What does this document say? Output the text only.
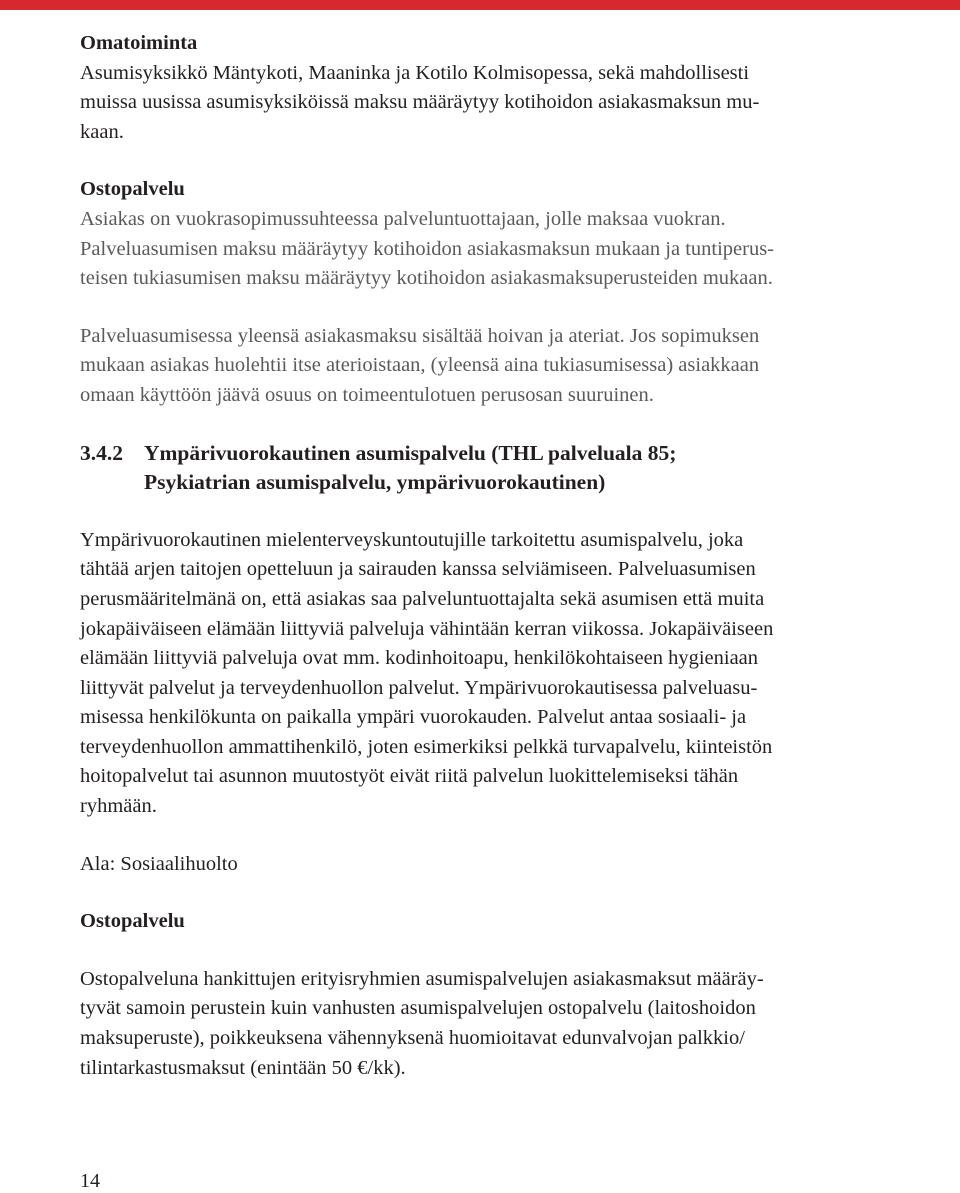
Omatoiminta
Asumisyksikkö Mäntykoti, Maaninka ja Kotilo Kolmisopessa, sekä mahdollisesti
muissa uusissa asumisyksiköissä maksu määräytyy kotihoidon asiakasmaksun mu-
kaan.
Ostopalvelu
Asiakas on vuokrasopimussuhteessa palveluntuottajaan, jolle maksaa vuokran.
Palveluasumisen maksu määräytyy kotihoidon asiakasmaksun mukaan ja tuntiperus-
teisen tukiasumisen maksu määräytyy kotihoidon asiakasmaksuperusteiden mukaan.
Palveluasumisessa yleensä asiakasmaksu sisältää hoivan ja ateriat. Jos sopimuksen
mukaan asiakas huolehtii itse aterioistaan, (yleensä aina tukiasumisessa) asiakkaan
omaan käyttöön jäävä osuus on toimeentulotuen perusosan suuruinen.
3.4.2 Ympärivuorokautinen asumispalvelu (THL palveluala 85;
Psykiatrian asumispalvelu, ympärivuorokautinen)
Ympärivuorokautinen mielenterveyskuntoutujille tarkoitettu asumispalvelu, joka
tähtää arjen taitojen opetteluun ja sairauden kanssa selviämiseen. Palveluasumisen
perusmääritelmänä on, että asiakas saa palveluntuottajalta sekä asumisen että muita
jokapäiväiseen elämään liittyviä palveluja vähintään kerran viikossa. Jokapäiväiseen
elämään liittyviä palveluja ovat mm. kodinhoitoapu, henkilökohtaiseen hygieniaan
liittyvät palvelut ja terveydenhuollon palvelut. Ympärivuorokautisessa palveluasu-
misessa henkilökunta on paikalla ympäri vuorokauden. Palvelut antaa sosiaali- ja
terveydenhuollon ammattihenkilö, joten esimerkiksi pelkkä turvapalvelu, kiinteistön
hoitopalvelut tai asunnon muutostyöt eivät riitä palvelun luokittelemiseksi tähän
ryhmään.
Ala: Sosiaalihuolto
Ostopalvelu
Ostopalveluna hankittujen erityisryhmien asumispalvelujen asiakasmaksut määräy-
tyvät samoin perustein kuin vanhusten asumispalvelujen ostopalvelu (laitoshoidon
maksuperuste), poikkeuksena vähennyksenä huomioitavat edunvalvojan palkkio/
tilintarkastusmaksut (enintään 50 €/kk).
14
